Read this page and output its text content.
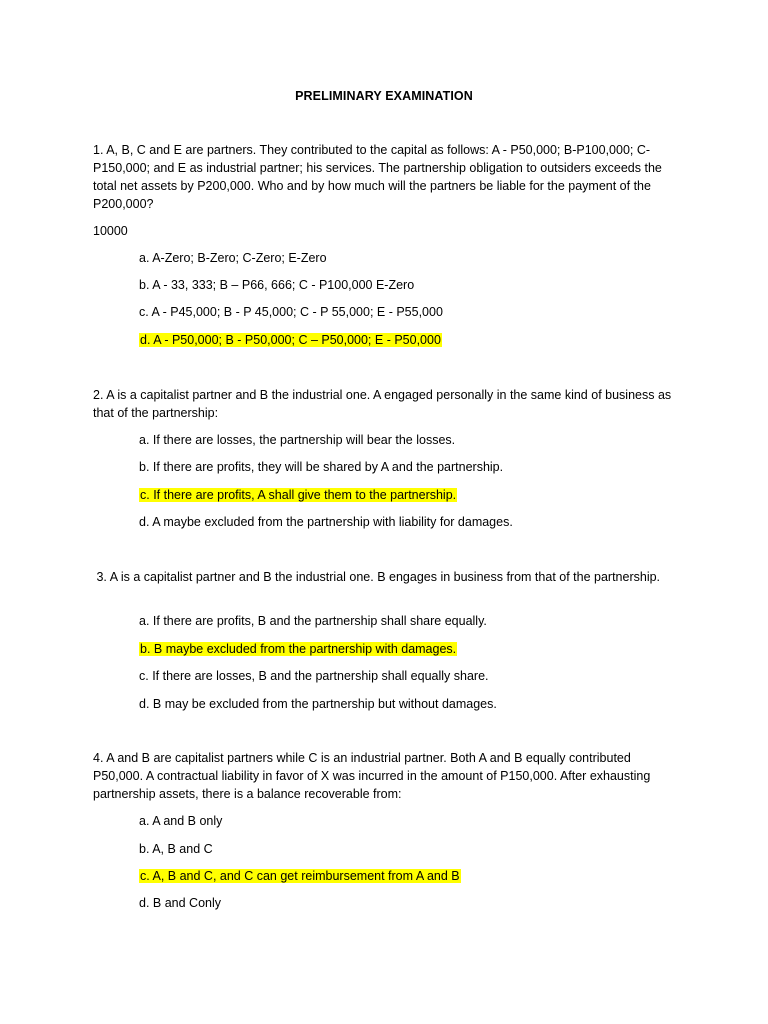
PRELIMINARY EXAMINATION
1. A, B, C and E are partners. They contributed to the capital as follows: A - P50,000; B-P100,000; C-P150,000; and E as industrial partner; his services. The partnership obligation to outsiders exceeds the total net assets by P200,000. Who and by how much will the partners be liable for the payment of the P200,000?
10000
a. A-Zero; B-Zero; C-Zero; E-Zero
b. A - 33, 333; B – P66, 666; C - P100,000 E-Zero
c. A - P45,000; B - P 45,000; C - P 55,000; E - P55,000
d. A - P50,000; B - P50,000; C – P50,000; E - P50,000
2. A is a capitalist partner and B the industrial one. A engaged personally in the same kind of business as that of the partnership:
a. If there are losses, the partnership will bear the losses.
b. If there are profits, they will be shared by A and the partnership.
c. If there are profits, A shall give them to the partnership.
d. A maybe excluded from the partnership with liability for damages.
3. A is a capitalist partner and B the industrial one. B engages in business from that of the partnership.
a. If there are profits, B and the partnership shall share equally.
b. B maybe excluded from the partnership with damages.
c. If there are losses, B and the partnership shall equally share.
d. B may be excluded from the partnership but without damages.
4. A and B are capitalist partners while C is an industrial partner. Both A and B equally contributed P50,000. A contractual liability in favor of X was incurred in the amount of P150,000. After exhausting partnership assets, there is a balance recoverable from:
a. A and B only
b. A, B and C
c. A, B and C, and C can get reimbursement from A and B
d. B and Conly
